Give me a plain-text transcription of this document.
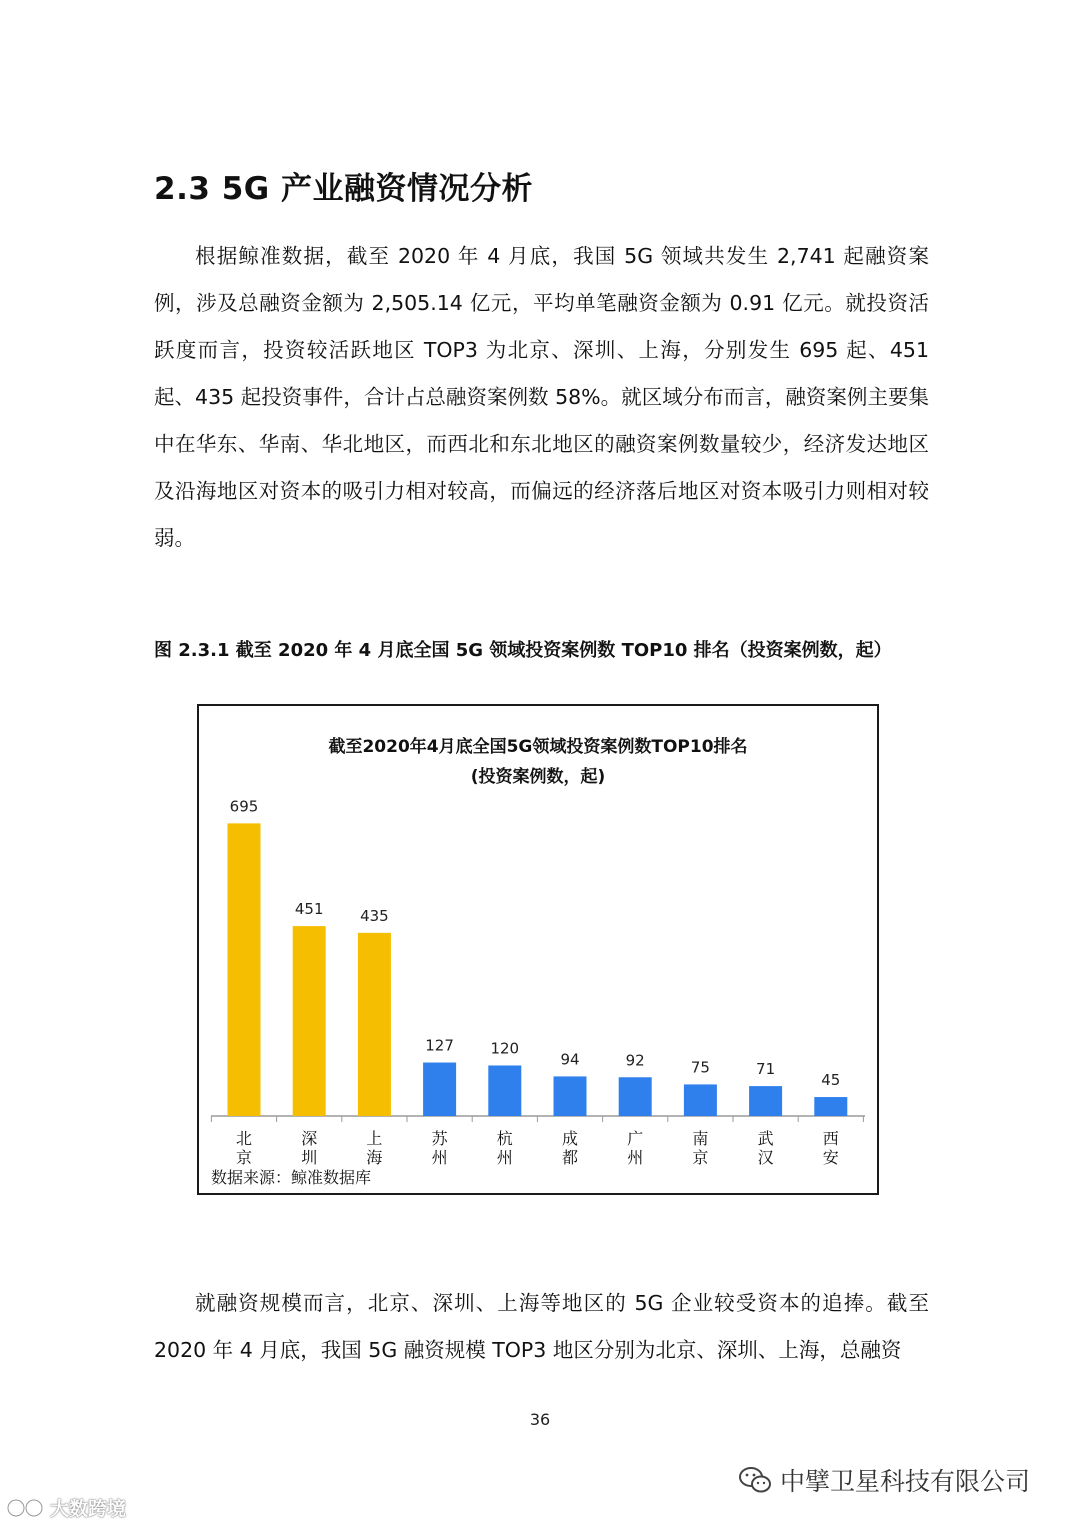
2.3 5G 产业融资情况分析

根据鲸准数据，截至 2020 年 4 月底，我国 5G 领域共发生 2,741 起融资案例，涉及总融资金额为 2,505.14 亿元，平均单笔融资金额为 0.91 亿元。就投资活跃度而言，投资较活跃地区 TOP3 为北京、深圳、上海，分别发生 695 起、451 起、435 起投资事件，合计占总融资案例数 58%。就区域分布而言，融资案例主要集中在华东、华南、华北地区，而西北和东北地区的融资案例数量较少，经济发达地区及沿海地区对资本的吸引力相对较高，而偏远的经济落后地区对资本吸引力则相对较弱。

图 2.3.1 截至 2020 年 4 月底全国 5G 领域投资案例数 TOP10 排名（投资案例数，起）
截至2020年4月底全国5G领域投资案例数TOP10排名
(投资案例数，起)
695
北京
451
深圳
435
上海
127
苏州
120
杭州
94
成都
92
广州
75
南京
71
武汉
45
西安
数据来源：鲸准数据库

就融资规模而言，北京、深圳、上海等地区的 5G 企业较受资本的追捧。截至 2020 年 4 月底，我国 5G 融资规模 TOP3 地区分别为北京、深圳、上海，总融资

36
大数跨境
中擘卫星科技有限公司
